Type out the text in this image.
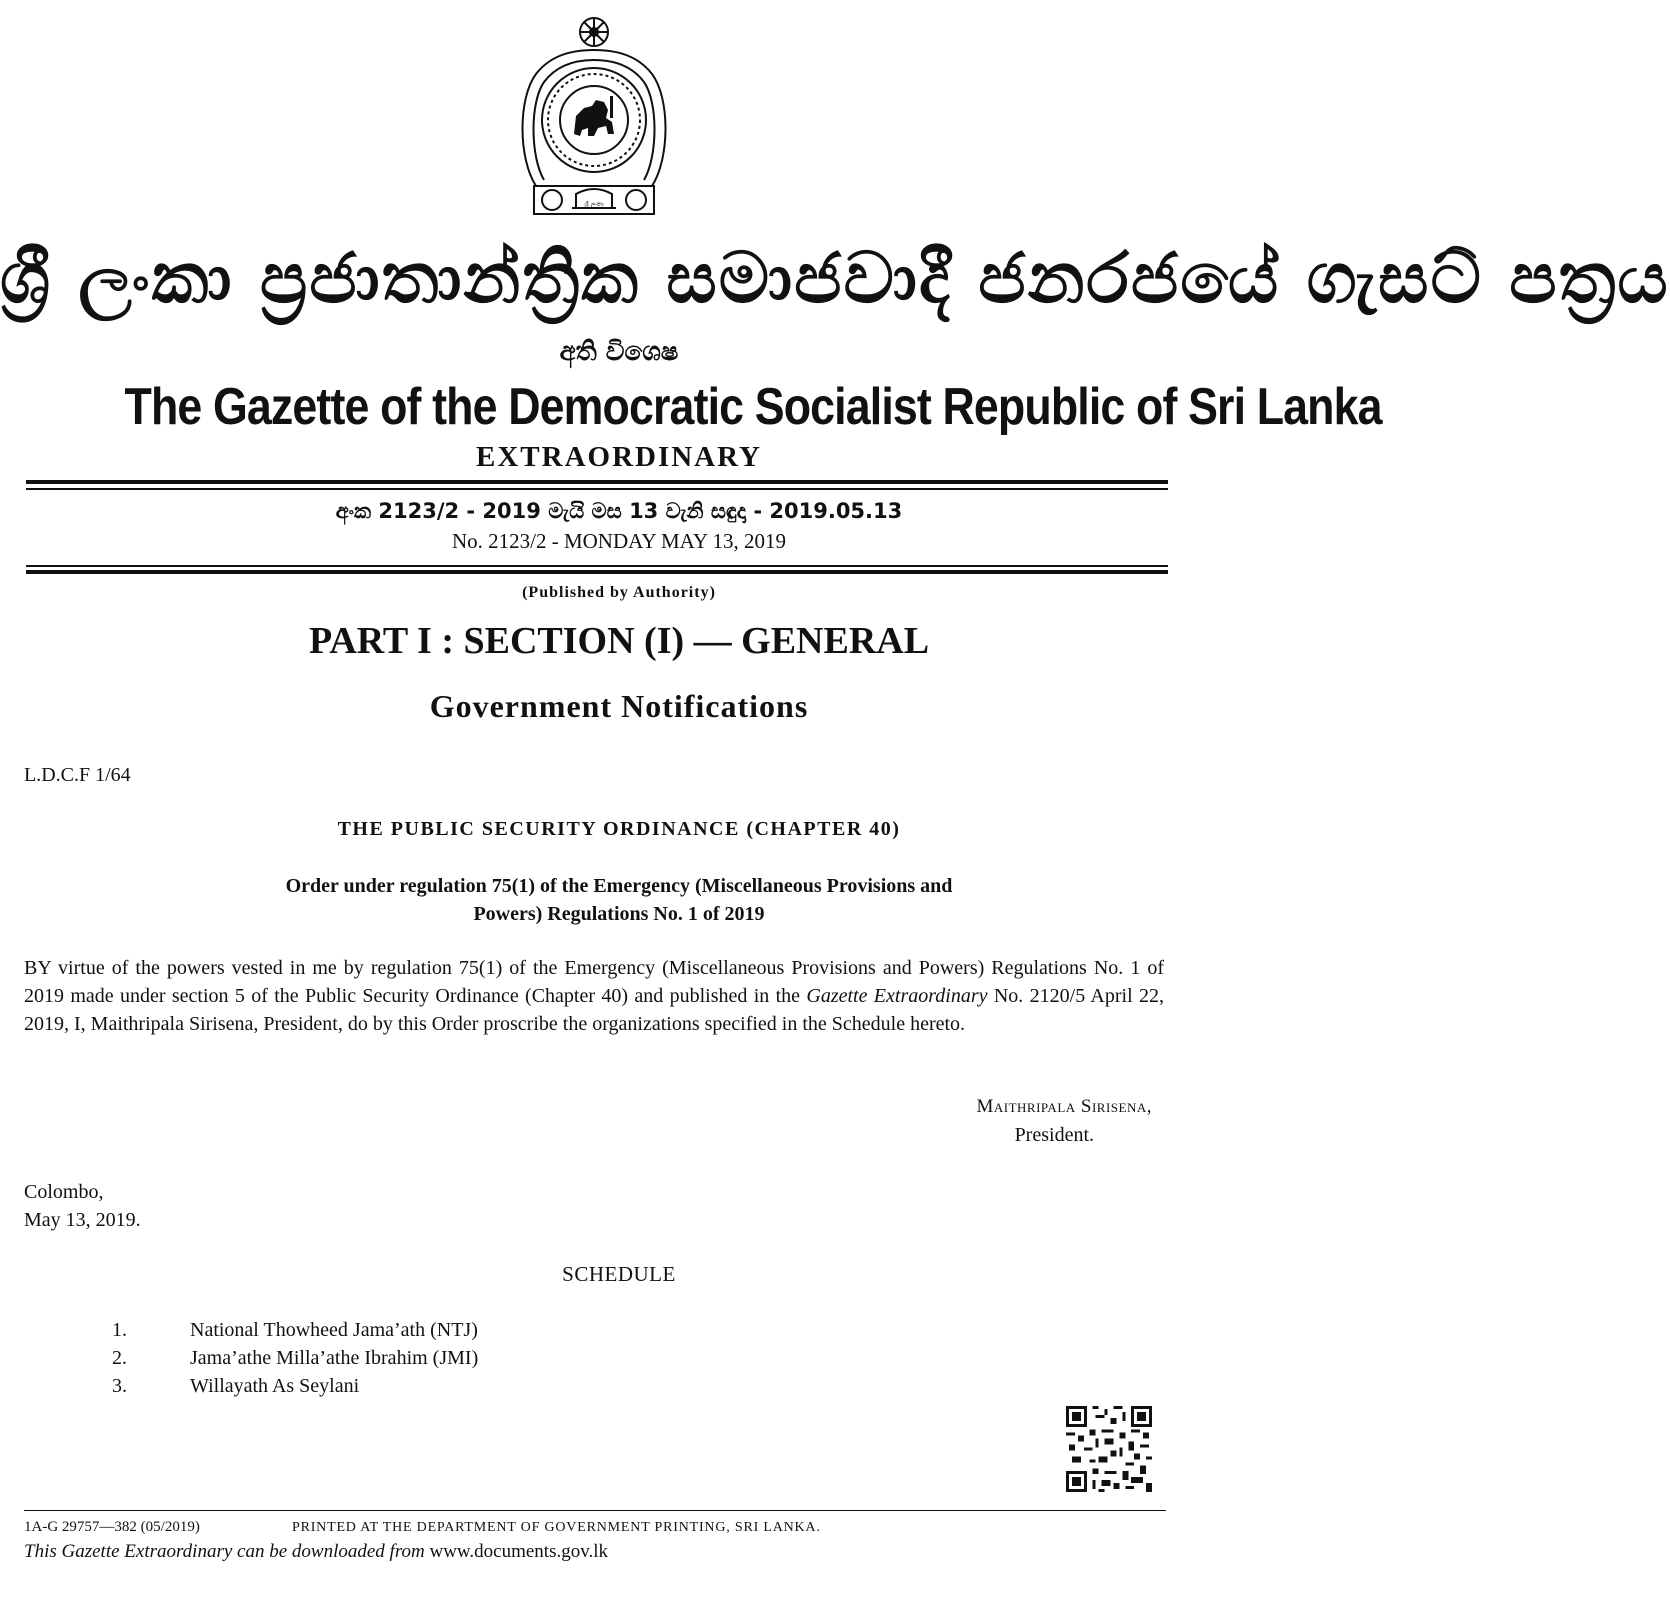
ශ්‍රී ලංකා
ශ්‍රී ලංකා ප්‍රජාතාන්ත්‍රික සමාජවාදී ජනරජයේ ගැසට් පත්‍රය
අති විශෙෂ
The Gazette of the Democratic Socialist Republic of Sri Lanka
EXTRAORDINARY
අංක 2123/2 - 2019 මැයි මස 13 වැනි සඳුදා - 2019.05.13
No. 2123/2 - MONDAY MAY 13, 2019
(Published by Authority)
PART I : SECTION (I) — GENERAL
Government Notifications
L.D.C.F 1/64
THE PUBLIC SECURITY ORDINANCE (CHAPTER 40)
Order under regulation 75(1) of the Emergency (Miscellaneous Provisions and
Powers) Regulations No. 1 of 2019
BY virtue of the powers vested in me by regulation 75(1) of the Emergency (Miscellaneous Provisions and Powers) Regulations No. 1 of 2019 made under section 5 of the Public Security Ordinance (Chapter 40) and published in the Gazette Extraordinary No. 2120/5 April 22, 2019, I, Maithripala Sirisena, President, do by this Order proscribe the organizations specified in the Schedule hereto.
Maithripala Sirisena,
President.
Colombo,
May 13, 2019.
SCHEDULE
1.	National Thowheed Jama’ath (NTJ)
2.	Jama’athe Milla’athe Ibrahim (JMI)
3.	Willayath As Seylani
1A-G 29757—382 (05/2019)	PRINTED AT THE DEPARTMENT OF GOVERNMENT PRINTING, SRI LANKA.
This Gazette Extraordinary can be downloaded from www.documents.gov.lk
